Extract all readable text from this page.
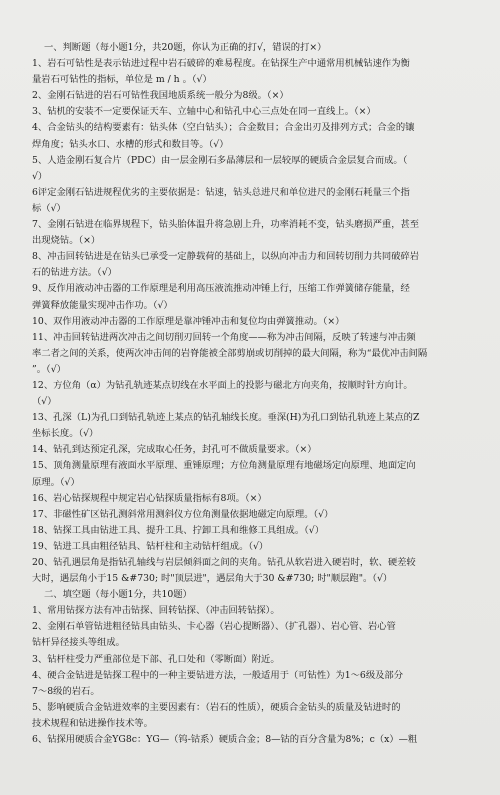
一、判断题（每小题1分，共20题，你认为正确的打√，错误的打×）
1、岩石可钻性是表示钻进过程中岩石破碎的难易程度。在钻探生产中通常用机械钻速作为衡
量岩石可钻性的指标，单位是 m / h 。（√）
2、金刚石钻进的岩石可钻性我国地质系统一般分为8级。（×）
3、钻机的安装不一定要保证天车、立轴中心和钻孔中心三点处在同一直线上。（×）
4、合金钻头的结构要素有：钻头体（空白钻头）；合金数目；合金出刃及排列方式；合金的镶
焊角度；钻头水口、水槽的形式和数目等。（√）
5、人造金刚石复合片（PDC）由一层金刚石多晶薄层和一层较厚的硬质合金层复合而成。（
√）
6评定金刚石钻进规程优劣的主要依据是：钻速，钻头总进尺和单位进尺的金刚石耗量三个指
标（√）
7、金刚石钻进在临界规程下，钻头胎体温升将急剧上升，功率消耗不变，钻头磨损严重，甚至
出现烧钻。（×）
8、冲击回转钻进是在钻头已承受一定静载荷的基础上，以纵向冲击力和回转切削力共同破碎岩
石的钻进方法。（√）
9、反作用液动冲击器的工作原理是利用高压液流推动冲锤上行，压缩工作弹簧储存能量，经
弹簧释放能量实现冲击作功。（√）
10、双作用液动冲击器的工作原理是靠冲锤冲击和复位均由弹簧推动。（×）
11、冲击回转钻进两次冲击之间切削刃回转一个角度——称为冲击间隔，反映了转速与冲击频
率二者之间的关系，使两次冲击间的岩脊能被全部剪崩或切削掉的最大间隔，称为“最优冲击间隔
”。（√）
12、方位角（α）为钻孔轨迹某点切线在水平面上的投影与磁北方向夹角，按顺时针方向计。
（√）
13、孔深（L)为孔口到钻孔轨迹上某点的钻孔轴线长度。垂深(H)为孔口到钻孔轨迹上某点的Z
坐标长度。（√）
14、钻孔到达预定孔深，完成取心任务，封孔可不做质量要求。（×）
15、顶角测量原理有液面水平原理、重锤原理；方位角测量原理有地磁场定向原理、地面定向
原理。（√）
16、岩心钻探规程中规定岩心钻探质量指标有8项。（×）
17、非磁性矿区钻孔测斜常用测斜仪方位角测量依据地磁定向原理。（√）
18、钻探工具由钻进工具、提升工具、拧卸工具和维修工具组成。（√）
19、钻进工具由粗径钻具、钻杆柱和主动钻杆组成。（√）
20、钻孔遇层角是指钻孔轴线与岩层倾斜面之间的夹角。钻孔从软岩进入硬岩时，软、硬差较
大时，遇层角小于15 &#730; 时"顶层进"，遇层角大于30 &#730; 时"顺层跑"。（√）
二、填空题（每小题1分，共10题）
1、常用钻探方法有冲击钻探、回转钻探、（冲击回转钻探）。
2、金刚石单管钻进粗径钻具由钻头、卡心器（岩心提断器）、（扩孔器）、岩心管、岩心管
钻杆异径接头等组成。
3、钻杆柱受力严重部位是下部、孔口处和（零断面）附近。
4、硬合金钻进是钻探工程中的一种主要钻进方法，一般适用于（可钻性）为1～6级及部分
7～8级的岩石。
5、影响硬质合金钻进效率的主要因素有：（岩石的性质），硬质合金钻头的质量及钻进时的
技术规程和钻进操作技术等。
6、钻探用硬质合金YG8c：YG—（钨-钴系）硬质合金；8—钴的百分含量为8%；c（x）—粗
